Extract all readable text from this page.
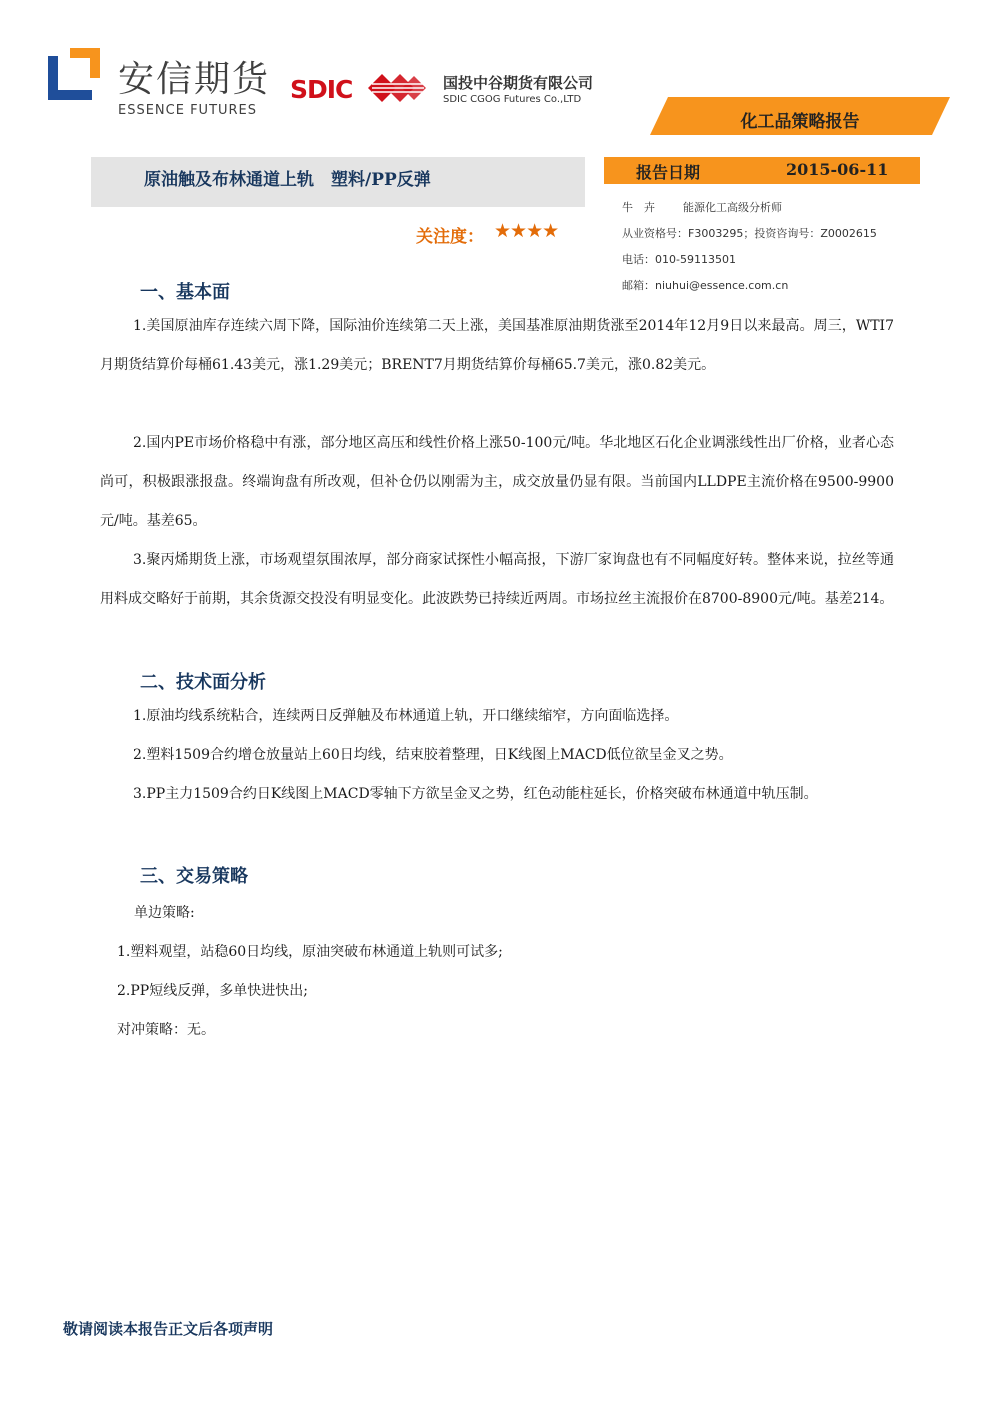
安信期货
ESSENCE FUTURES
SDIC	国投中谷期货有限公司
SDIC CGOG Futures Co.,LTD
化工品策略报告
原油触及布林通道上轨　塑料/PP反弹	报告日期	2015-06-11
关注度： ★★★★
牛　卉	能源化工高级分析师
从业资格号：F3003295；投资咨询号：Z0002615
电话：010-59113501
邮箱：niuhui@essence.com.cn
一、基本面
1.美国原油库存连续六周下降，国际油价连续第二天上涨，美国基准原油期货涨至2014年12月9日以来最高。周三，WTI7月期货结算价每桶61.43美元，涨1.29美元；BRENT7月期货结算价每桶65.7美元，涨0.82美元。
2.国内PE市场价格稳中有涨，部分地区高压和线性价格上涨50-100元/吨。华北地区石化企业调涨线性出厂价格，业者心态尚可，积极跟涨报盘。终端询盘有所改观，但补仓仍以刚需为主，成交放量仍显有限。当前国内LLDPE主流价格在9500-9900元/吨。基差65。
3.聚丙烯期货上涨，市场观望氛围浓厚，部分商家试探性小幅高报，下游厂家询盘也有不同幅度好转。整体来说，拉丝等通用料成交略好于前期，其余货源交投没有明显变化。此波跌势已持续近两周。市场拉丝主流报价在8700-8900元/吨。基差214。
二、技术面分析
1.原油均线系统粘合，连续两日反弹触及布林通道上轨，开口继续缩窄，方向面临选择。
2.塑料1509合约增仓放量站上60日均线，结束胶着整理，日K线图上MACD低位欲呈金叉之势。
3.PP主力1509合约日K线图上MACD零轴下方欲呈金叉之势，红色动能柱延长，价格突破布林通道中轨压制。
三、交易策略
单边策略:
1.塑料观望，站稳60日均线，原油突破布林通道上轨则可试多;
2.PP短线反弹，多单快进快出;
对冲策略：无。
敬请阅读本报告正文后各项声明
